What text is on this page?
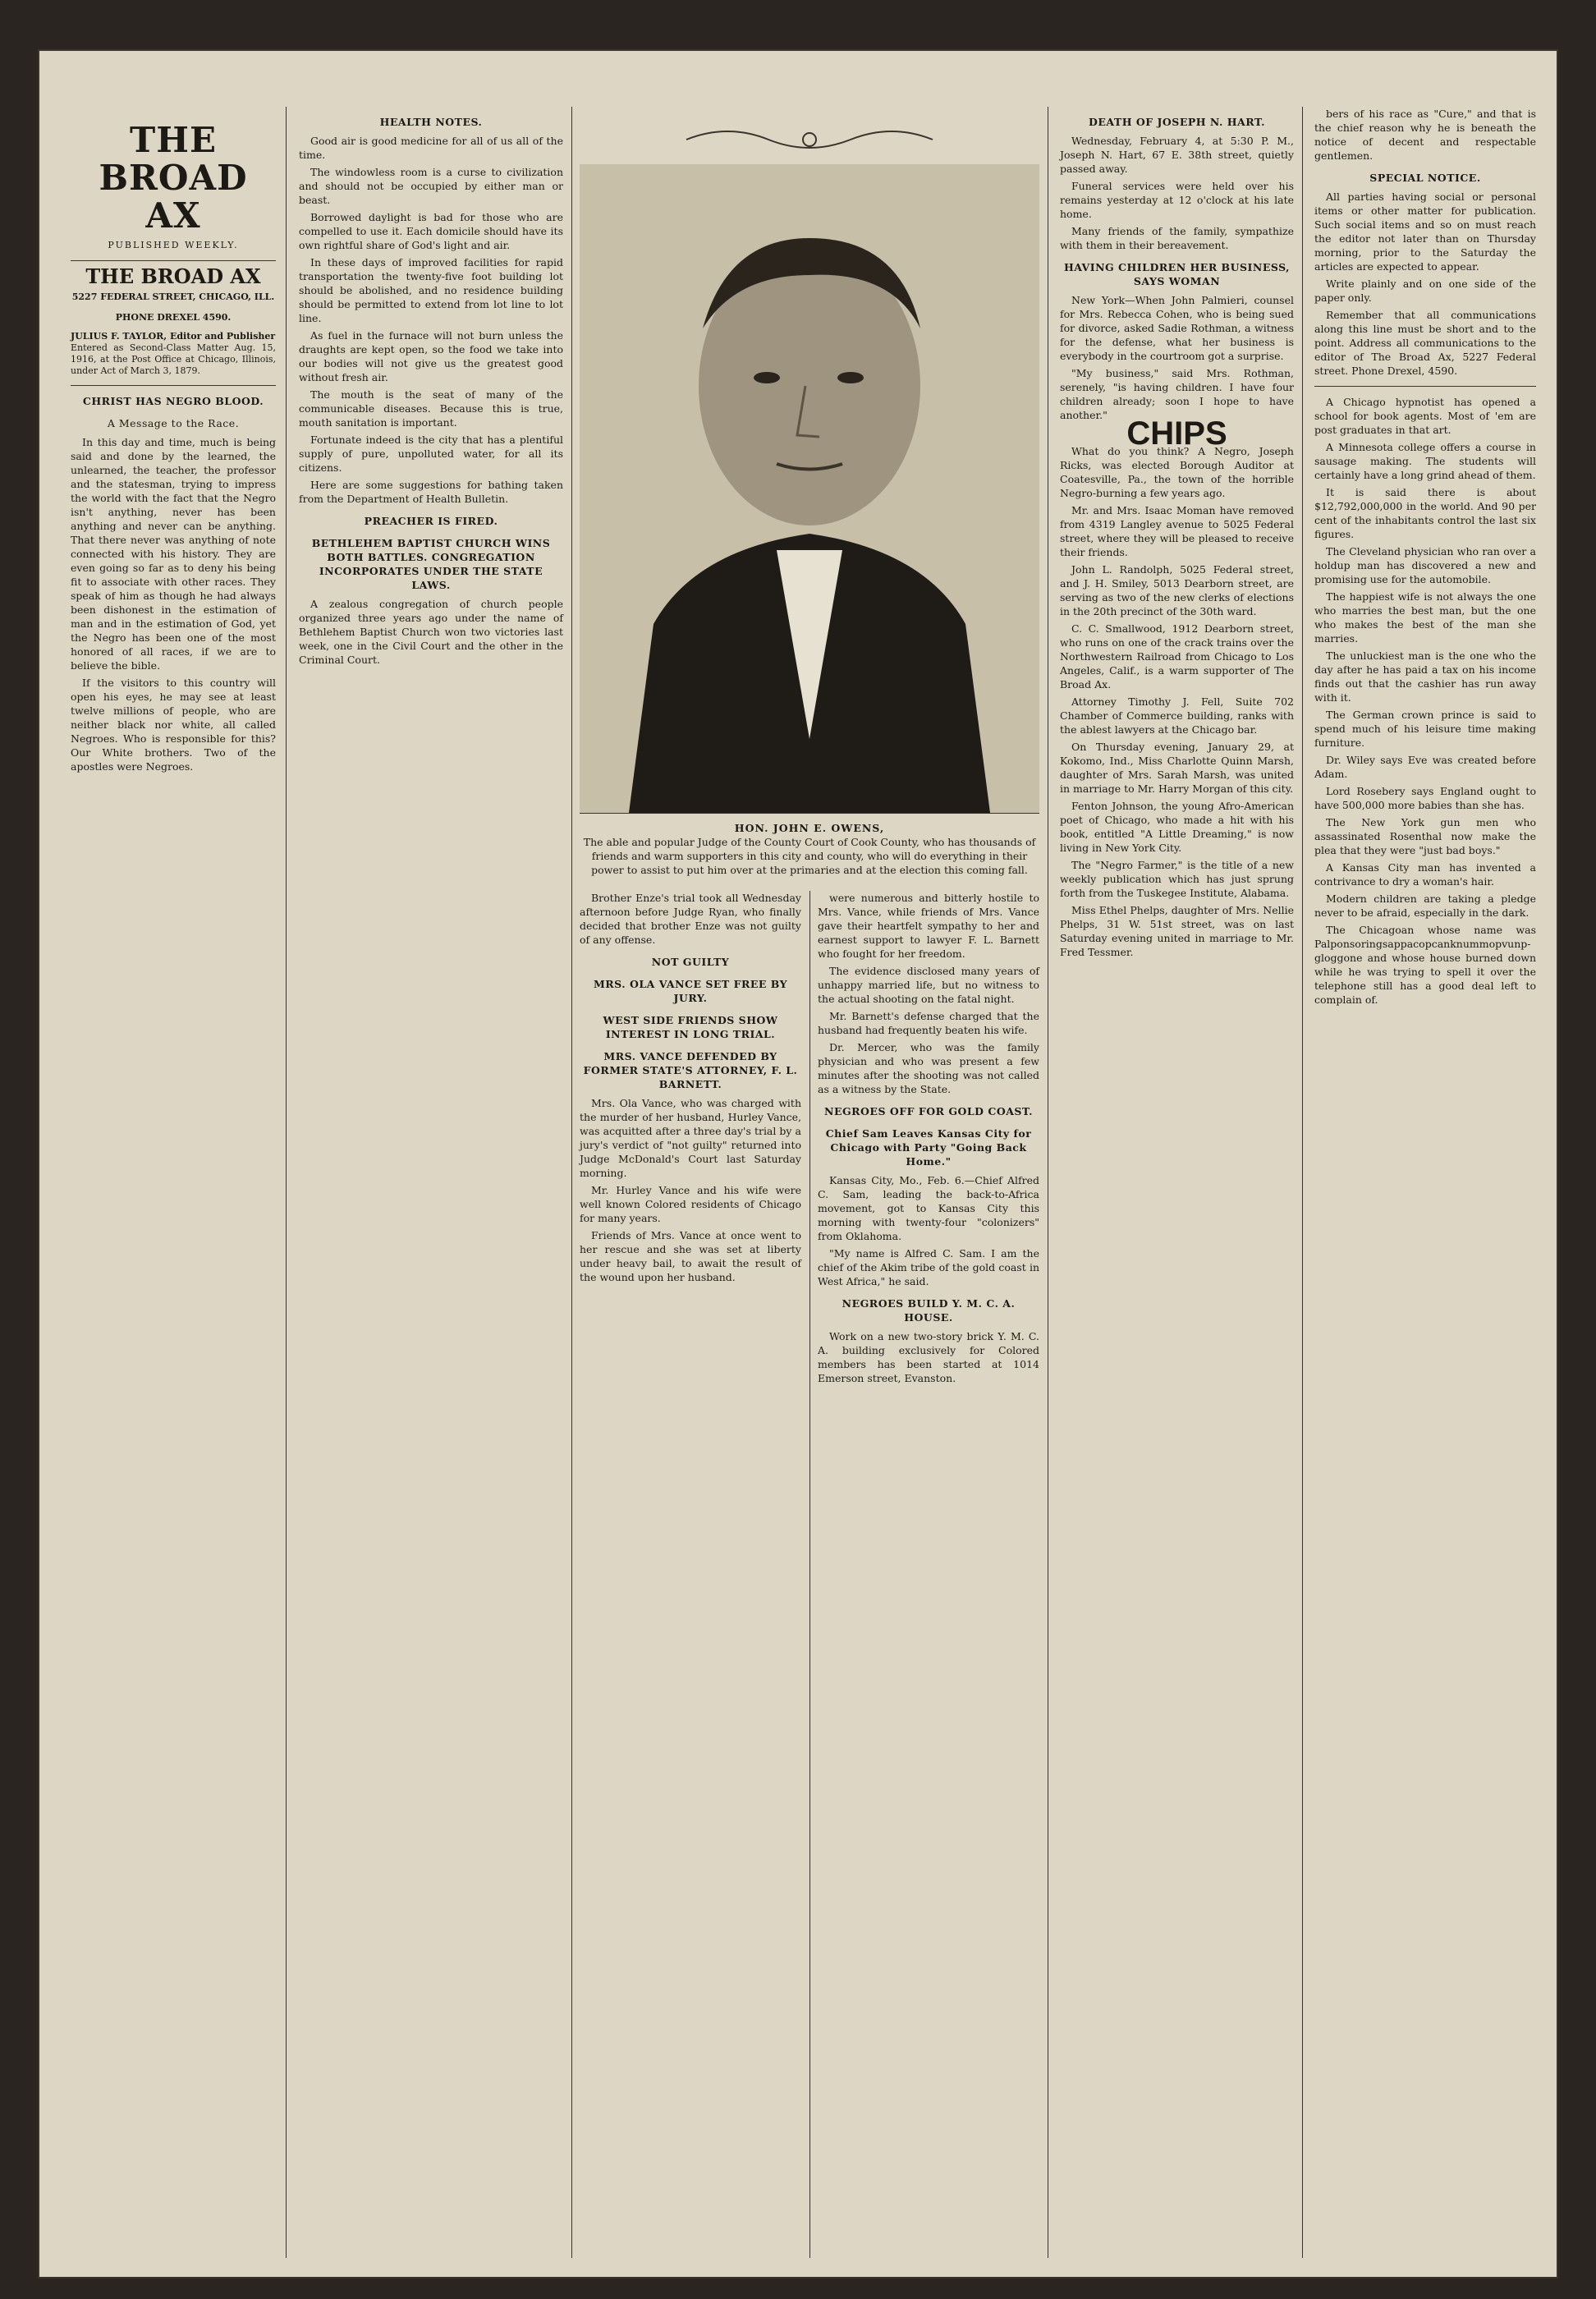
THE BROAD AX
PUBLISHED WEEKLY.
THE BROAD AX
5227 FEDERAL STREET, CHICAGO, ILL.
PHONE DREXEL 4590.
JULIUS F. TAYLOR, Editor and Publisher
Entered as Second-Class Matter Aug. 15, 1916, at the Post Office at Chicago, Illinois, under Act of March 3, 1879.
CHRIST HAS NEGRO BLOOD.
A Message to the Race.

In this day and time, much is being said and done by the learned, the unlearned, the teacher, the professor and the statesman, trying to impress the world with the fact that the Negro isn't anything, never has been anything and never can be anything. That there never was anything of note connected with his history. They are even going so far as to deny his being fit to associate with other races. They speak of him as though he had always been dishonest in the estimation of man and in the estimation of God, yet the Negro has been one of the most honored of all races, if we are to believe the bible.

If the visitors to this country will open his eyes, he may see at least twelve millions of people, who are neither black nor white, all called Negroes. Who is responsible for this? Our White brothers. Two of the apostles were Negroes.

HEALTH NOTES.

Good air is good medicine for all of us all of the time.

The windowless room is a curse to civilization and should not be occupied by either man or beast.

Borrowed daylight is bad for those who are compelled to use it. Each domicile should have its own rightful share of God's light and air.

In these days of improved facilities for rapid transportation the twenty-five foot building lot should be abolished, and no residence building should be permitted to extend from lot line to lot line.

As fuel in the furnace will not burn unless the draughts are kept open, so the food we take into our bodies will not give us the greatest good without fresh air.

The mouth is the seat of many of the communicable diseases. Because this is true, mouth sanitation is important.

Fortunate indeed is the city that has a plentiful supply of pure, unpolluted water, for all its citizens.

Here are some suggestions for bathing taken from the Department of Health Bulletin.

PREACHER IS FIRED.
BETHLEHEM BAPTIST CHURCH WINS BOTH BATTLES. CONGREGATION INCORPORATES UNDER THE STATE LAWS.

A zealous congregation of church people organized three years ago under the name of Bethlehem Baptist Church won two victories last week, one in the Civil Court and the other in the Criminal Court.

HON. JOHN E. OWENS,
The able and popular Judge of the County Court of Cook County, who has thousands of friends and warm supporters in this city and county, who will do everything in their power to assist to put him over at the primaries and at the election this coming fall.

Brother Enze's trial took all Wednesday afternoon before Judge Ryan, who finally decided that brother Enze was not guilty of any offense.

NOT GUILTY
MRS. OLA VANCE SET FREE BY JURY.
WEST SIDE FRIENDS SHOW INTEREST IN LONG TRIAL.
MRS. VANCE DEFENDED BY FORMER STATE'S ATTORNEY, F. L. BARNETT.

Mrs. Ola Vance, who was charged with the murder of her husband, Hurley Vance, was acquitted after a three day's trial by a jury's verdict of "not guilty" returned into Judge McDonald's Court last Saturday morning.

Mr. Hurley Vance and his wife were well known Colored residents of Chicago for many years.

Friends of Mrs. Vance at once went to her rescue and she was set at liberty under heavy bail, to await the result of the wound upon her husband.

were numerous and bitterly hostile to Mrs. Vance, while friends of Mrs. Vance gave their heartfelt sympathy to her and earnest support to lawyer F. L. Barnett who fought for her freedom.

The evidence disclosed many years of unhappy married life, but no witness to the actual shooting on the fatal night.

Mr. Barnett's defense charged that the husband had frequently beaten his wife.

Dr. Mercer, who was the family physician and who was present a few minutes after the shooting was not called as a witness by the State.

NEGROES OFF FOR GOLD COAST.
Chief Sam Leaves Kansas City for Chicago with Party "Going Back Home."

Kansas City, Mo., Feb. 6.—Chief Alfred C. Sam, leading the back-to-Africa movement, got to Kansas City this morning with twenty-four "colonizers" from Oklahoma.

"My name is Alfred C. Sam. I am the chief of the Akim tribe of the gold coast in West Africa," he said.

NEGROES BUILD Y. M. C. A. HOUSE.

Work on a new two-story brick Y. M. C. A. building exclusively for Colored members has been started at 1014 Emerson street, Evanston.

DEATH OF JOSEPH N. HART.

Wednesday, February 4, at 5:30 P. M., Joseph N. Hart, 67 E. 38th street, quietly passed away.

Funeral services were held over his remains yesterday at 12 o'clock at his late home.

Many friends of the family, sympathize with them in their bereavement.

HAVING CHILDREN HER BUSINESS, SAYS WOMAN

New York—When John Palmieri, counsel for Mrs. Rebecca Cohen, who is being sued for divorce, asked Sadie Rothman, a witness for the defense, what her business is everybody in the courtroom got a surprise.

"My business," said Mrs. Rothman, serenely, "is having children. I have four children already; soon I hope to have another."

CHIPS

What do you think? A Negro, Joseph Ricks, was elected Borough Auditor at Coatesville, Pa., the town of the horrible Negro-burning a few years ago.

Mr. and Mrs. Isaac Moman have removed from 4319 Langley avenue to 5025 Federal street, where they will be pleased to receive their friends.

John L. Randolph, 5025 Federal street, and J. H. Smiley, 5013 Dearborn street, are serving as two of the new clerks of elections in the 20th precinct of the 30th ward.

C. C. Smallwood, 1912 Dearborn street, who runs on one of the crack trains over the Northwestern Railroad from Chicago to Los Angeles, Calif., is a warm supporter of The Broad Ax.

Attorney Timothy J. Fell, Suite 702 Chamber of Commerce building, ranks with the ablest lawyers at the Chicago bar.

On Thursday evening, January 29, at Kokomo, Ind., Miss Charlotte Quinn Marsh, daughter of Mrs. Sarah Marsh, was united in marriage to Mr. Harry Morgan of this city.

Fenton Johnson, the young Afro-American poet of Chicago, who made a hit with his book, entitled "A Little Dreaming," is now living in New York City.

The "Negro Farmer," is the title of a new weekly publication which has just sprung forth from the Tuskegee Institute, Alabama.

Miss Ethel Phelps, daughter of Mrs. Nellie Phelps, 31 W. 51st street, was on last Saturday evening united in marriage to Mr. Fred Tessmer.

bers of his race as "Cure," and that is the chief reason why he is beneath the notice of decent and respectable gentlemen.

SPECIAL NOTICE.

All parties having social or personal items or other matter for publication. Such social items and so on must reach the editor not later than on Thursday morning, prior to the Saturday the articles are expected to appear.

Write plainly and on one side of the paper only.

Remember that all communications along this line must be short and to the point. Address all communications to the editor of The Broad Ax, 5227 Federal street. Phone Drexel, 4590.

A Chicago hypnotist has opened a school for book agents. Most of 'em are post graduates in that art.

A Minnesota college offers a course in sausage making. The students will certainly have a long grind ahead of them.

It is said there is about $12,792,000,000 in the world. And 90 per cent of the inhabitants control the last six figures.

The Cleveland physician who ran over a holdup man has discovered a new and promising use for the automobile.

The happiest wife is not always the one who marries the best man, but the one who makes the best of the man she marries.

The unluckiest man is the one who the day after he has paid a tax on his income finds out that the cashier has run away with it.

The German crown prince is said to spend much of his leisure time making furniture.

Dr. Wiley says Eve was created before Adam.

Lord Rosebery says England ought to have 500,000 more babies than she has.

The New York gun men who assassinated Rosenthal now make the plea that they were "just bad boys."

A Kansas City man has invented a contrivance to dry a woman's hair.

Modern children are taking a pledge never to be afraid, especially in the dark.

The Chicagoan whose name was Palponsoringsappacopcanknummopvunp-gloggone and whose house burned down while he was trying to spell it over the telephone still has a good deal left to complain of.
